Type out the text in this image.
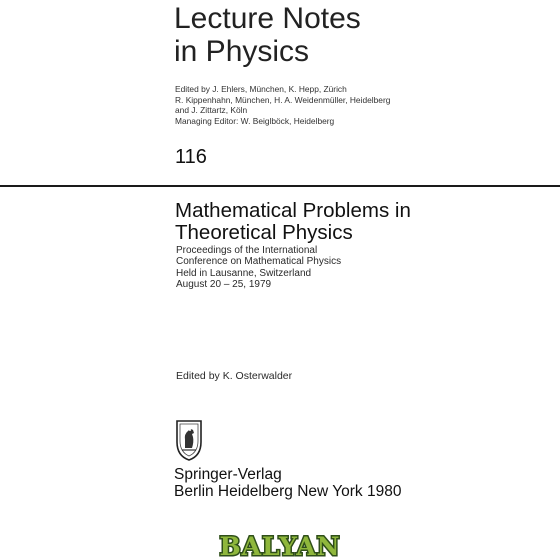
Lecture Notes
in Physics
Edited by J. Ehlers, München, K. Hepp, Zürich
R. Kippenhahn, München, H. A. Weidenmüller, Heidelberg
and J. Zittartz, Köln
Managing Editor: W. Beiglböck, Heidelberg
116
Mathematical Problems in
Theoretical Physics
Proceedings of the International
Conference on Mathematical Physics
Held in Lausanne, Switzerland
August 20 – 25, 1979
Edited by K. Osterwalder
Springer-Verlag
Berlin Heidelberg New York 1980
BALYAN
